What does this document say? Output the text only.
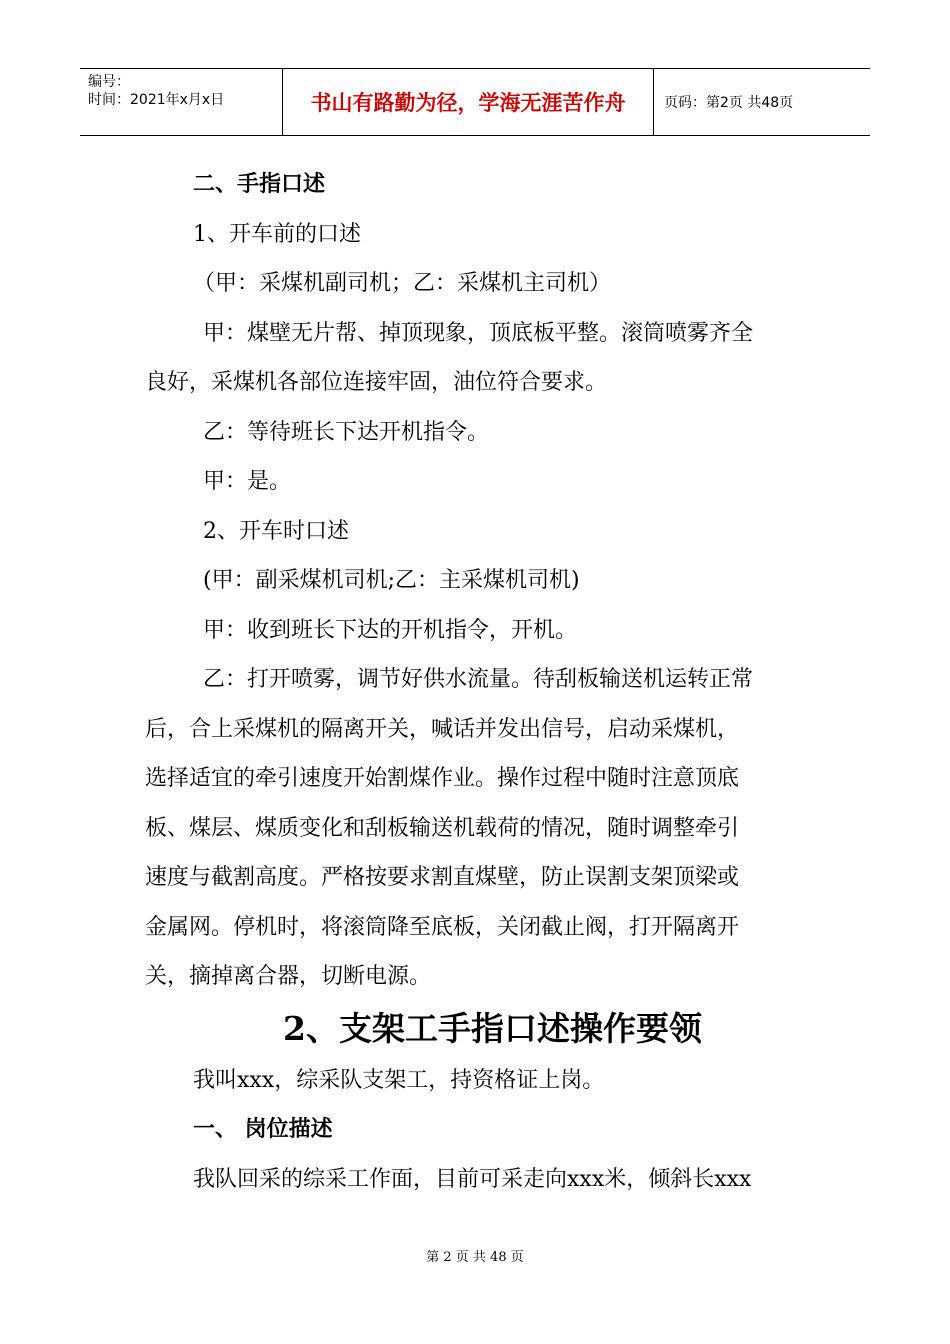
编号：
时间：2021年x月x日	书山有路勤为径，学海无涯苦作舟	页码：第2页 共48页

二、手指口述

1、开车前的口述

（甲：采煤机副司机；乙：采煤机主司机）

甲：煤壁无片帮、掉顶现象，顶底板平整。滚筒喷雾齐全

良好，采煤机各部位连接牢固，油位符合要求。

乙：等待班长下达开机指令。

甲：是。

2、开车时口述

(甲：副采煤机司机;乙：主采煤机司机)

甲：收到班长下达的开机指令，开机。

乙：打开喷雾，调节好供水流量。待刮板输送机运转正常

后，合上采煤机的隔离开关，喊话并发出信号，启动采煤机，

选择适宜的牵引速度开始割煤作业。操作过程中随时注意顶底

板、煤层、煤质变化和刮板输送机载荷的情况，随时调整牵引

速度与截割高度。严格按要求割直煤壁，防止误割支架顶梁或

金属网。停机时，将滚筒降至底板，关闭截止阀，打开隔离开

关，摘掉离合器，切断电源。

2、支架工手指口述操作要领

我叫xxx，综采队支架工，持资格证上岗。

一、 岗位描述

我队回采的综采工作面，目前可采走向xxx米，倾斜长xxx

第 2 页 共 48 页
